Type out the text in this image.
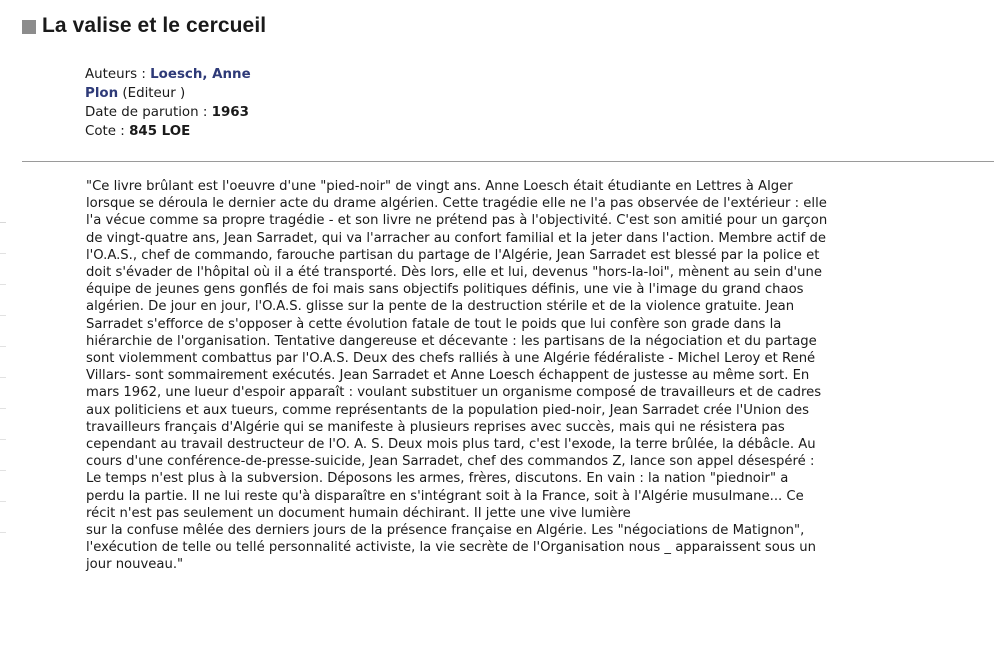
La valise et le cercueil
Auteurs : Loesch, Anne
Plon (Editeur )
Date de parution : 1963
Cote : 845 LOE
"Ce livre brûlant est l'oeuvre d'une "pied-noir" de vingt ans. Anne Loesch était étudiante en Lettres à Alger
lorsque se déroula le dernier acte du drame algérien. Cette tragédie elle ne l'a pas observée de l'extérieur : elle
l'a vécue comme sa propre tragédie - et son livre ne prétend pas à l'objectivité. C'est son amitié pour un garçon
de vingt-quatre ans, Jean Sarradet, qui va l'arracher au confort familial et la jeter dans l'action. Membre actif de
l'O.A.S., chef de commando, farouche partisan du partage de l'Algérie, Jean Sarradet est blessé par la police et
doit s'évader de l'hôpital où il a été transporté. Dès lors, elle et lui, devenus "hors-la-loi", mènent au sein d'une
équipe de jeunes gens gonflés de foi mais sans objectifs politiques définis, une vie à l'image du grand chaos
algérien. De jour en jour, l'O.A.S. glisse sur la pente de la destruction stérile et de la violence gratuite. Jean
Sarradet s'efforce de s'opposer à cette évolution fatale de tout le poids que lui confère son grade dans la
hiérarchie de l'organisation. Tentative dangereuse et décevante : les partisans de la négociation et du partage
sont violemment combattus par l'O.A.S. Deux des chefs ralliés à une Algérie fédéraliste - Michel Leroy et René
Villars- sont sommairement exécutés. Jean Sarradet et Anne Loesch échappent de justesse au même sort. En
mars 1962, une lueur d'espoir apparaît : voulant substituer un organisme composé de travailleurs et de cadres
aux politiciens et aux tueurs, comme représentants de la population pied-noir, Jean Sarradet crée l'Union des
travailleurs français d'Algérie qui se manifeste à plusieurs reprises avec succès, mais qui ne résistera pas
cependant au travail destructeur de l'O. A. S. Deux mois plus tard, c'est l'exode, la terre brûlée, la débâcle. Au
cours d'une conférence-de-presse-suicide, Jean Sarradet, chef des commandos Z, lance son appel désespéré :
Le temps n'est plus à la subversion. Déposons les armes, frères, discutons. En vain : la nation "piednoir" a
perdu la partie. II ne lui reste qu'à disparaître en s'intégrant soit à la France, soit à l'Algérie musulmane... Ce
récit n'est pas seulement un document humain déchirant. II jette une vive lumière
sur la confuse mêlée des derniers jours de la présence française en Algérie. Les "négociations de Matignon",
l'exécution de telle ou tellé personnalité activiste, la vie secrète de l'Organisation nous _ apparaissent sous un
jour nouveau."
